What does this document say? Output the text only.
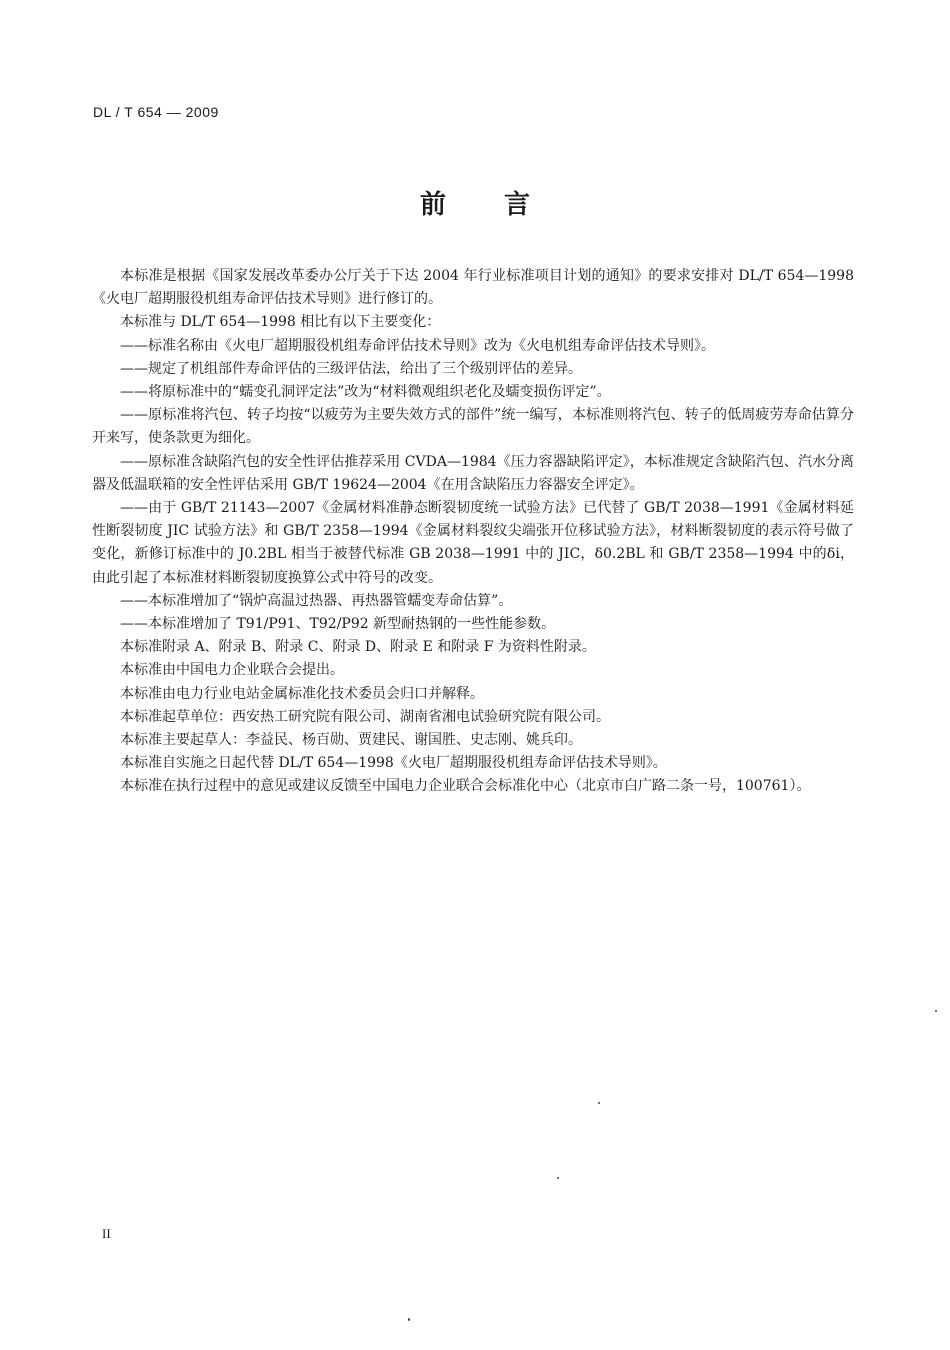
DL / T 654 — 2009
前言

本标准是根据《国家发展改革委办公厅关于下达 2004 年行业标准项目计划的通知》的要求安排对 DL/T 654—1998《火电厂超期服役机组寿命评估技术导则》进行修订的。

本标准与 DL/T 654—1998 相比有以下主要变化：

——标准名称由《火电厂超期服役机组寿命评估技术导则》改为《火电机组寿命评估技术导则》。

——规定了机组部件寿命评估的三级评估法，给出了三个级别评估的差异。

——将原标准中的“蠕变孔洞评定法”改为“材料微观组织老化及蠕变损伤评定”。

——原标准将汽包、转子均按“以疲劳为主要失效方式的部件”统一编写，本标准则将汽包、转子的低周疲劳寿命估算分开来写，使条款更为细化。

——原标准含缺陷汽包的安全性评估推荐采用 CVDA—1984《压力容器缺陷评定》，本标准规定含缺陷汽包、汽水分离器及低温联箱的安全性评估采用 GB/T 19624—2004《在用含缺陷压力容器安全评定》。

——由于 GB/T 21143—2007《金属材料准静态断裂韧度统一试验方法》已代替了 GB/T 2038—1991《金属材料延性断裂韧度 JIC 试验方法》和 GB/T 2358—1994《金属材料裂纹尖端张开位移试验方法》，材料断裂韧度的表示符号做了变化，新修订标准中的 J0.2BL 相当于被替代标准 GB 2038—1991 中的 JIC，δ0.2BL 和 GB/T 2358—1994 中的δi，由此引起了本标准材料断裂韧度换算公式中符号的改变。

——本标准增加了“锅炉高温过热器、再热器管蠕变寿命估算”。

——本标准增加了 T91/P91、T92/P92 新型耐热钢的一些性能参数。

本标准附录 A、附录 B、附录 C、附录 D、附录 E 和附录 F 为资料性附录。

本标准由中国电力企业联合会提出。

本标准由电力行业电站金属标准化技术委员会归口并解释。

本标准起草单位：西安热工研究院有限公司、湖南省湘电试验研究院有限公司。

本标准主要起草人：李益民、杨百勋、贾建民、谢国胜、史志刚、姚兵印。

本标准自实施之日起代替 DL/T 654—1998《火电厂超期服役机组寿命评估技术导则》。

本标准在执行过程中的意见或建议反馈至中国电力企业联合会标准化中心（北京市白广路二条一号，100761）。

II
